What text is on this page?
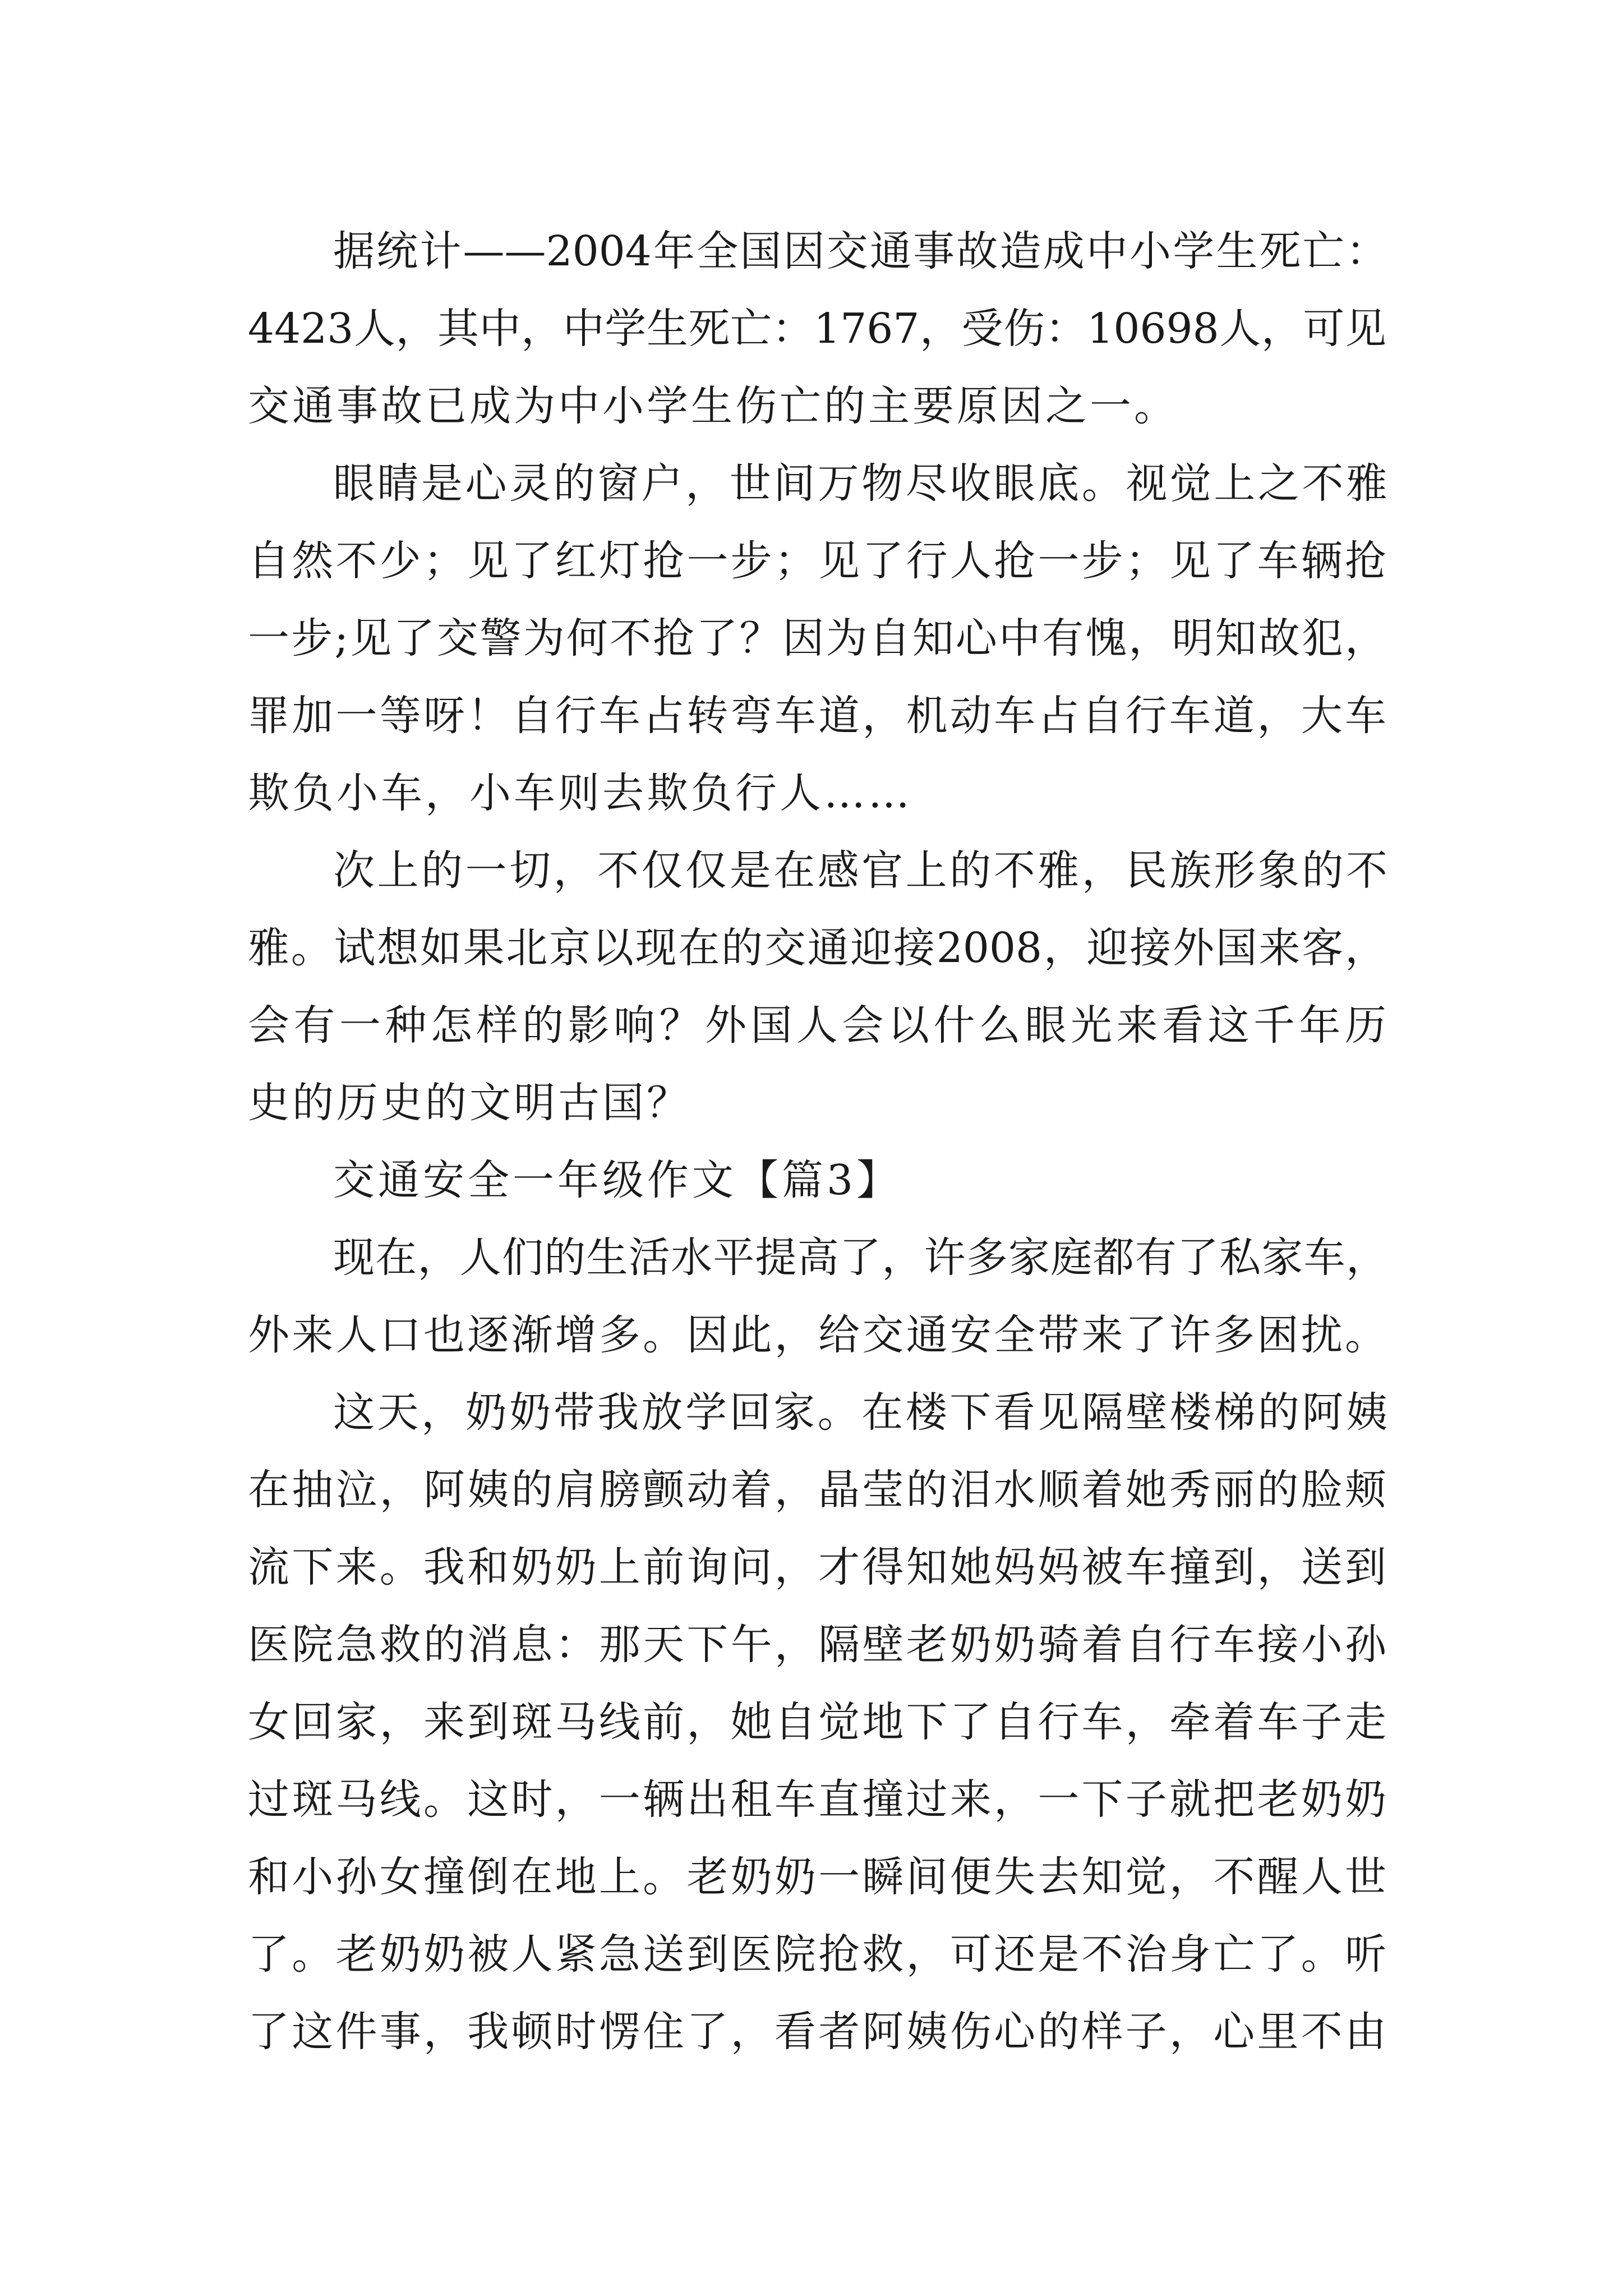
据统计——2004年全国因交通事故造成中小学生死亡：

4423人，其中，中学生死亡：1767，受伤：10698人，可见

交通事故已成为中小学生伤亡的主要原因之一。

眼睛是心灵的窗户，世间万物尽收眼底。视觉上之不雅

自然不少；见了红灯抢一步；见了行人抢一步；见了车辆抢

一步;见了交警为何不抢了？因为自知心中有愧，明知故犯，

罪加一等呀！自行车占转弯车道，机动车占自行车道，大车

欺负小车，小车则去欺负行人……

次上的一切，不仅仅是在感官上的不雅，民族形象的不

雅。试想如果北京以现在的交通迎接2008，迎接外国来客，

会有一种怎样的影响？外国人会以什么眼光来看这千年历

史的历史的文明古国？

交通安全一年级作文【篇3】

现在，人们的生活水平提高了，许多家庭都有了私家车，

外来人口也逐渐增多。因此，给交通安全带来了许多困扰。

这天，奶奶带我放学回家。在楼下看见隔壁楼梯的阿姨

在抽泣，阿姨的肩膀颤动着，晶莹的泪水顺着她秀丽的脸颊

流下来。我和奶奶上前询问，才得知她妈妈被车撞到，送到

医院急救的消息：那天下午，隔壁老奶奶骑着自行车接小孙

女回家，来到斑马线前，她自觉地下了自行车，牵着车子走

过斑马线。这时，一辆出租车直撞过来，一下子就把老奶奶

和小孙女撞倒在地上。老奶奶一瞬间便失去知觉，不醒人世

了。老奶奶被人紧急送到医院抢救，可还是不治身亡了。听

了这件事，我顿时愣住了，看者阿姨伤心的样子，心里不由
